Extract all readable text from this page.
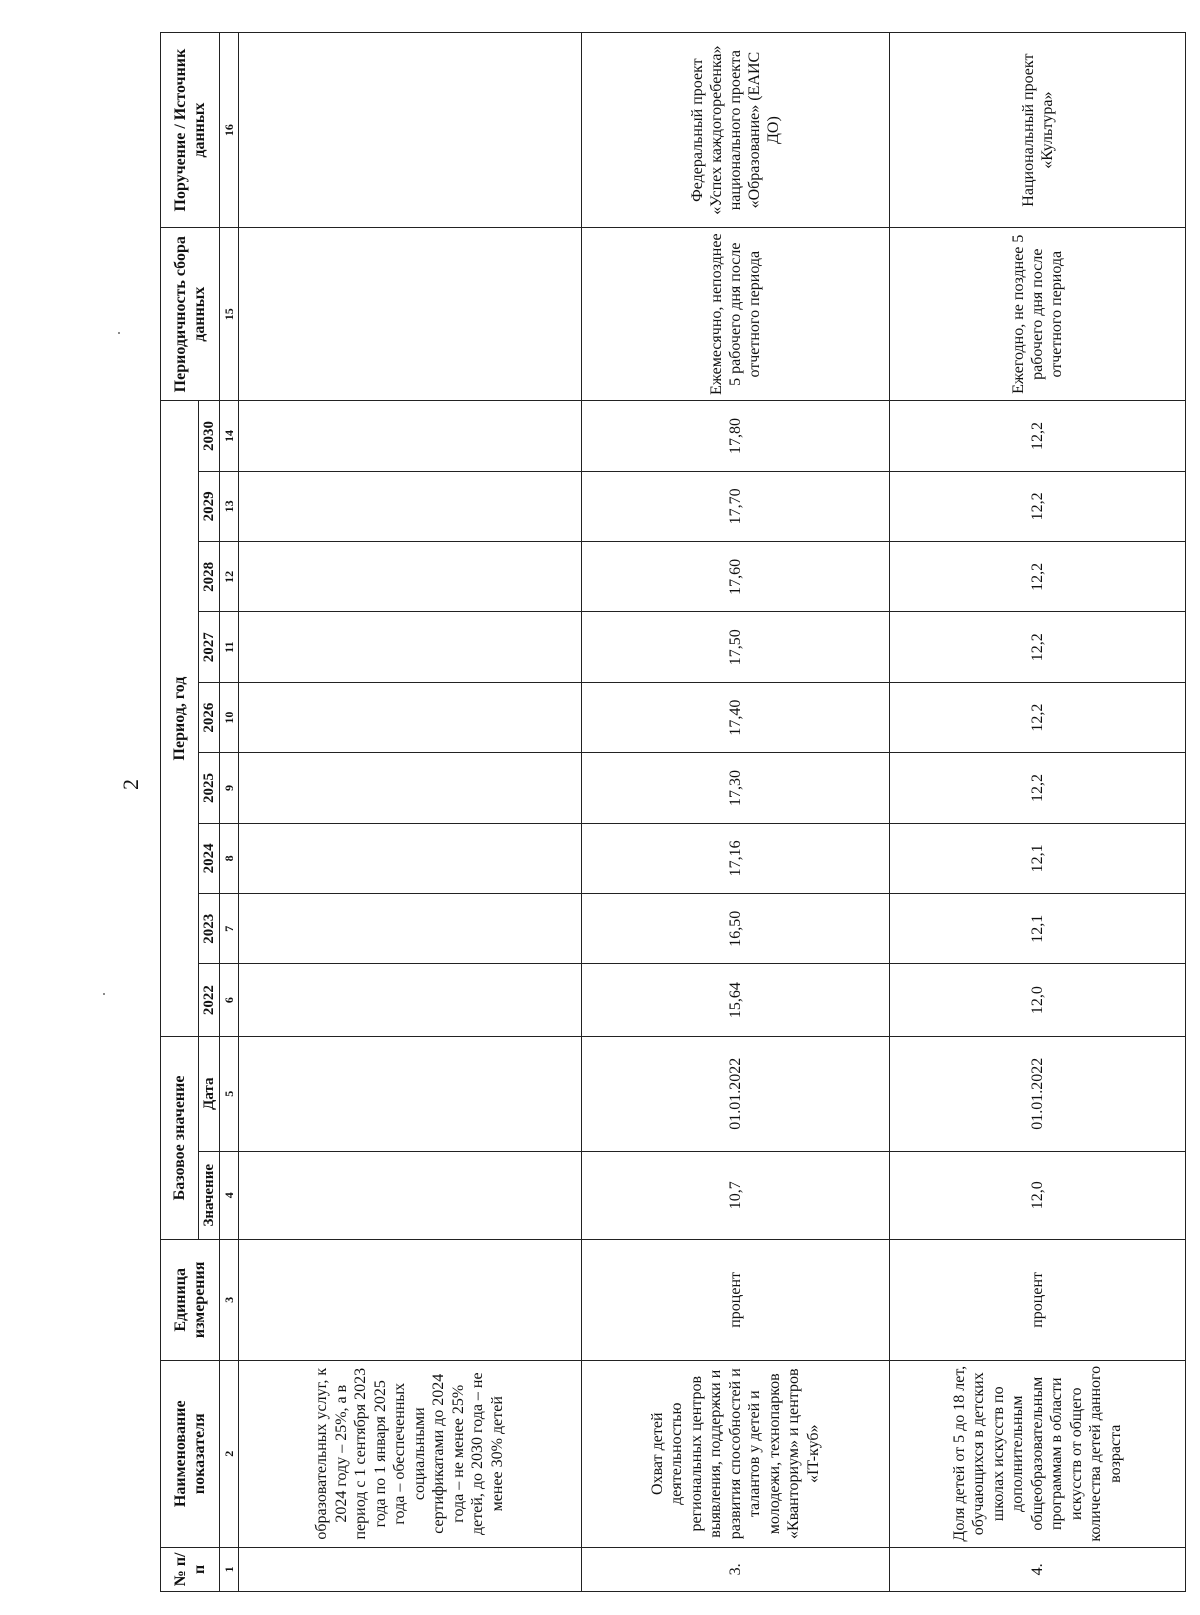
2
№ п/п	Наименование показателя	Единица измерения	Базовое значение		Период, год									Периодичность сбора данных	Поручение / Источник данных
			Значение	Дата	2022	2023	2024	2025	2026	2027	2028	2029	2030		
1	2	3	4	5	6	7	8	9	10	11	12	13	14	15	16
	образовательных услуг, к 2024 году – 25%, а в период с 1 сентября 2023 года по 1 января 2025 года – обеспеченных социальными сертификатами до 2024 года – не менее 25% детей, до 2030 года – не менее 30% детей														
3.	Охват детей деятельностью региональных центров выявления, поддержки и развития способностей и талантов у детей и молодежи, технопарков «Кванториум» и центров «IT-куб»	процент	10,7	01.01.2022	15,64	16,50	17,16	17,30	17,40	17,50	17,60	17,70	17,80	Ежемесячно, непозднее 5 рабочего дня после отчетного периода	Федеральный проект «Успех каждогоребенка» национального проекта «Образование» (ЕАИС ДО)
4.	Доля детей от 5 до 18 лет, обучающихся в детских школах искусств по дополнительным общеобразовательным программам в области искусств от общего количества детей данного возраста	процент	12,0	01.01.2022	12,0	12,1	12,1	12,2	12,2	12,2	12,2	12,2	12,2	Ежегодно, не позднее 5 рабочего дня после отчетного периода	Национальный проект «Культура»
